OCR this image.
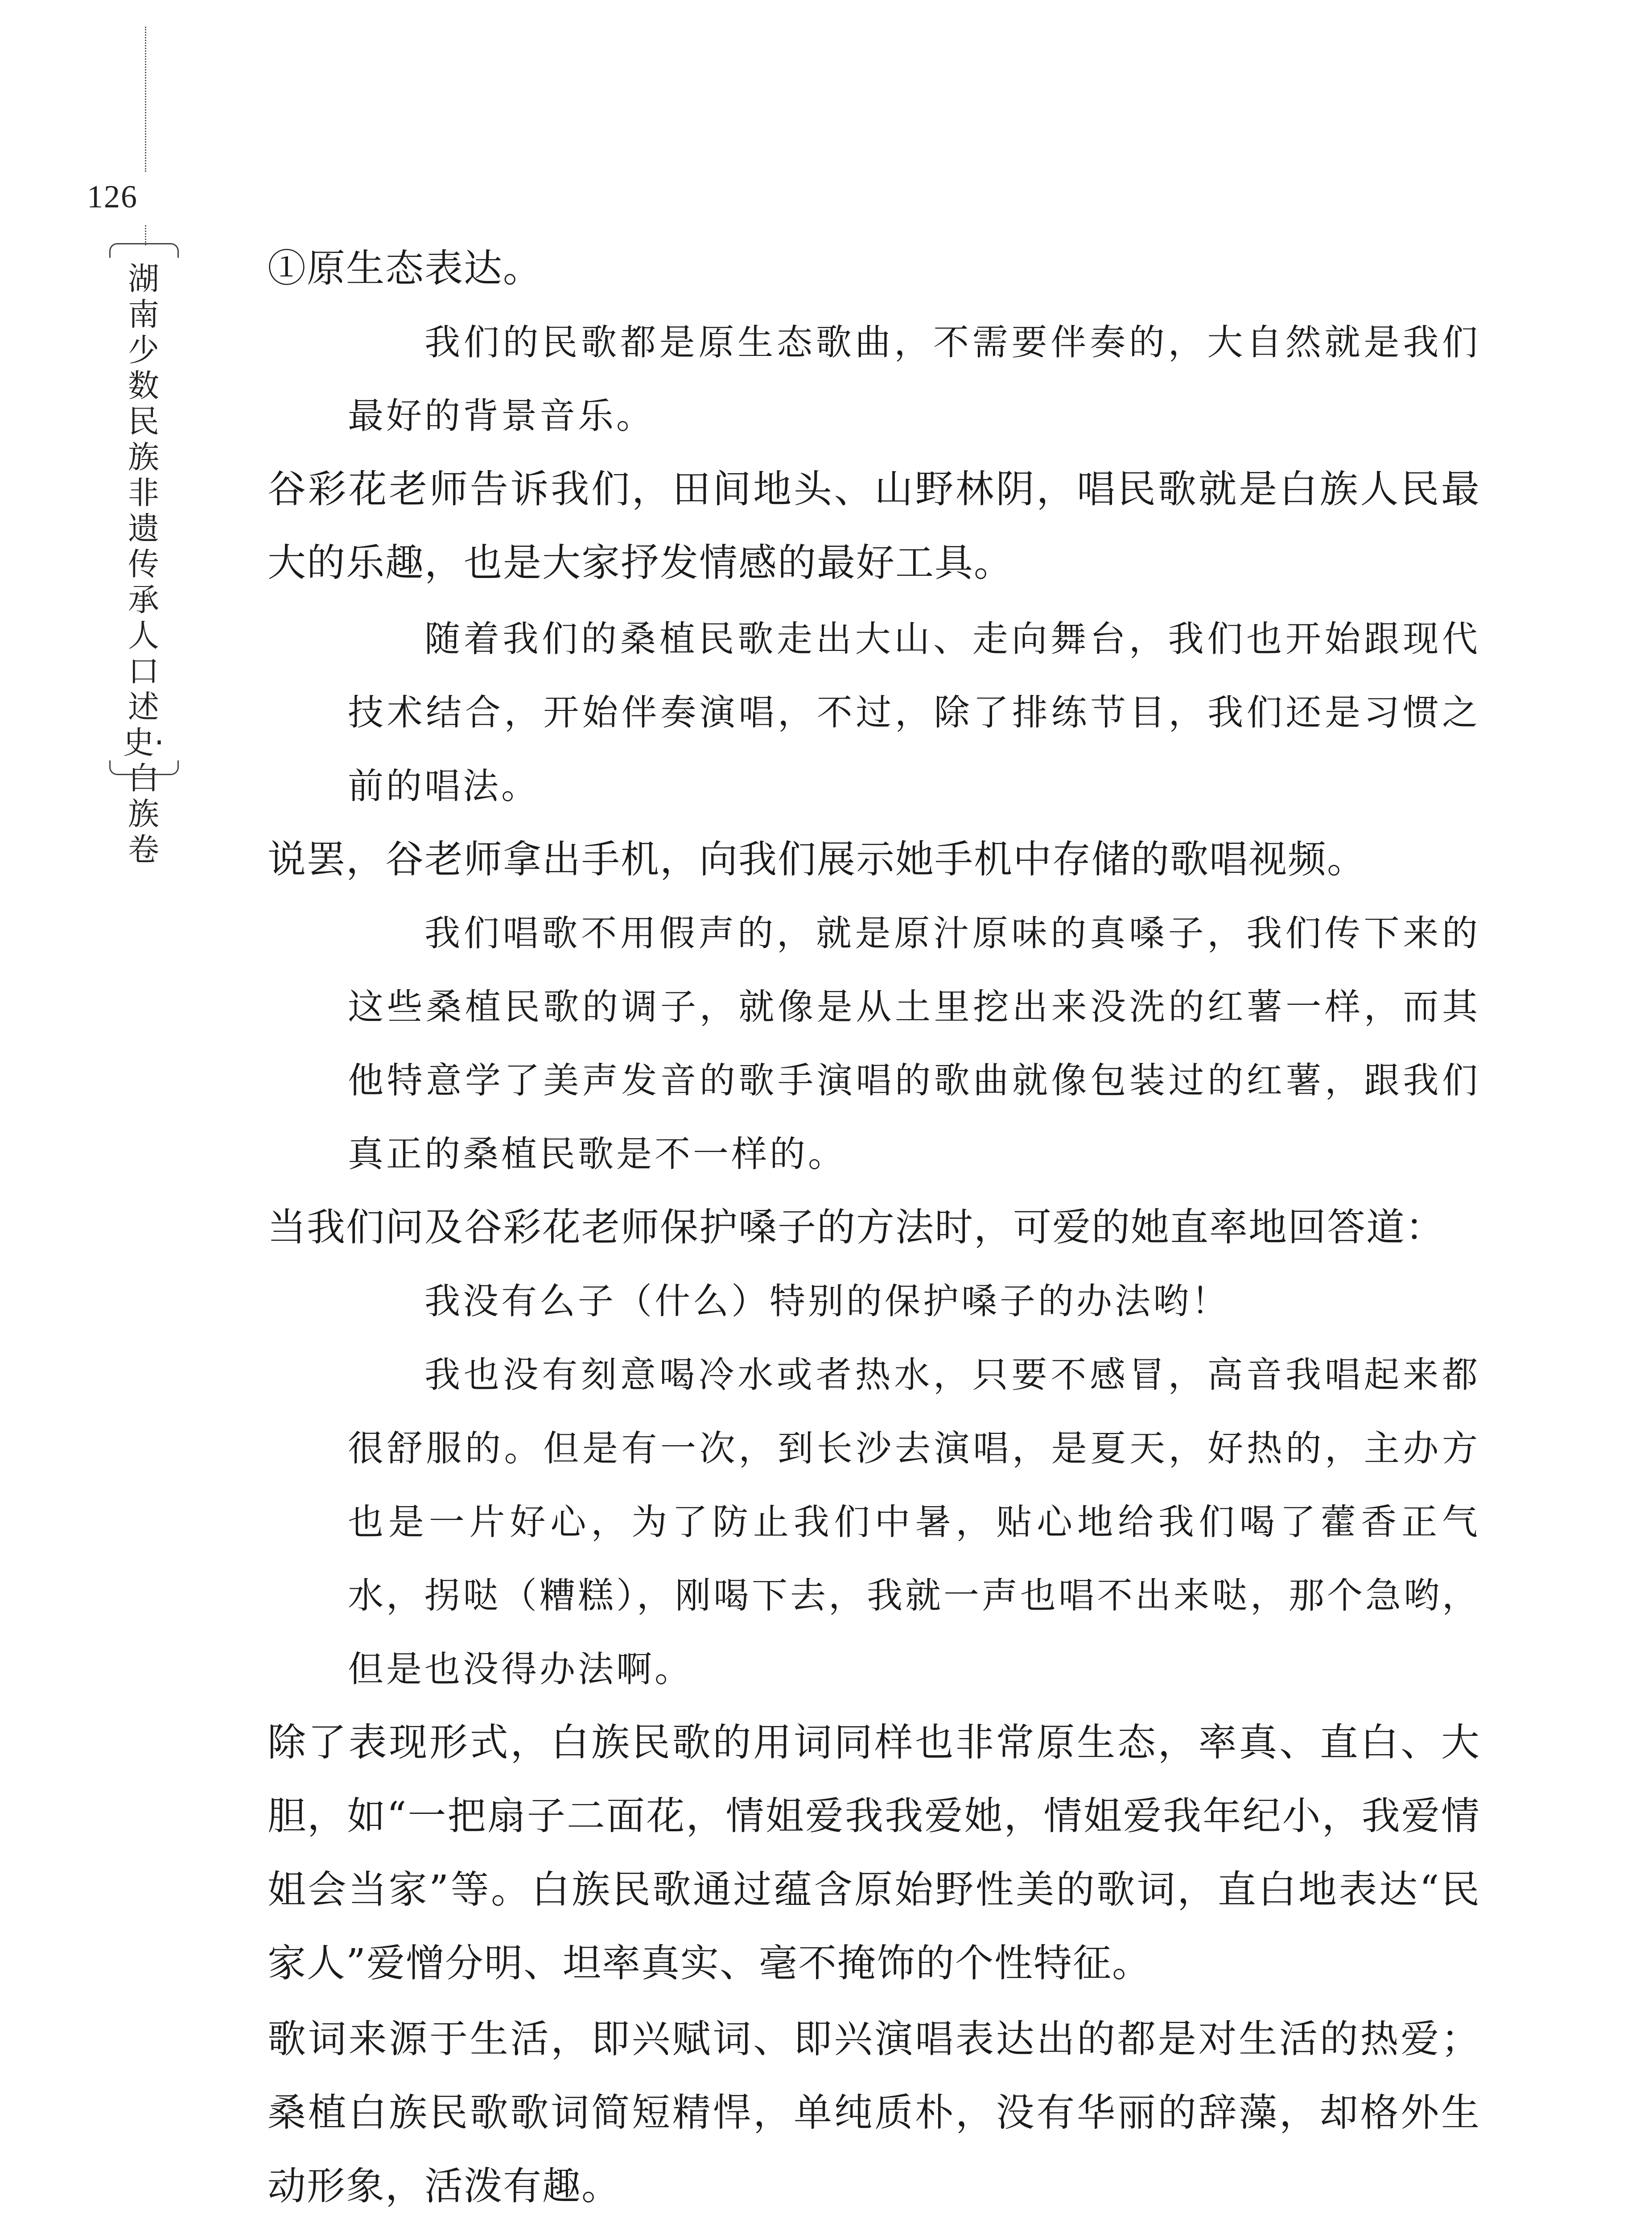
126
湖南少数民族非遗传承人口述史·白族卷
①原生态表达。
我们的民歌都是原生态歌曲，不需要伴奏的，大自然就是我们最好的背景音乐。
谷彩花老师告诉我们，田间地头、山野林阴，唱民歌就是白族人民最大的乐趣，也是大家抒发情感的最好工具。
随着我们的桑植民歌走出大山、走向舞台，我们也开始跟现代技术结合，开始伴奏演唱，不过，除了排练节目，我们还是习惯之前的唱法。
说罢，谷老师拿出手机，向我们展示她手机中存储的歌唱视频。
我们唱歌不用假声的，就是原汁原味的真嗓子，我们传下来的这些桑植民歌的调子，就像是从土里挖出来没洗的红薯一样，而其他特意学了美声发音的歌手演唱的歌曲就像包装过的红薯，跟我们真正的桑植民歌是不一样的。
当我们问及谷彩花老师保护嗓子的方法时，可爱的她直率地回答道：
我没有么子（什么）特别的保护嗓子的办法哟！
我也没有刻意喝冷水或者热水，只要不感冒，高音我唱起来都很舒服的。但是有一次，到长沙去演唱，是夏天，好热的，主办方也是一片好心，为了防止我们中暑，贴心地给我们喝了藿香正气水，拐哒（糟糕），刚喝下去，我就一声也唱不出来哒，那个急哟，但是也没得办法啊。
除了表现形式，白族民歌的用词同样也非常原生态，率真、直白、大胆，如“一把扇子二面花，情姐爱我我爱她，情姐爱我年纪小，我爱情姐会当家”等。白族民歌通过蕴含原始野性美的歌词，直白地表达“民家人”爱憎分明、坦率真实、毫不掩饰的个性特征。
歌词来源于生活，即兴赋词、即兴演唱表达出的都是对生活的热爱；桑植白族民歌歌词简短精悍，单纯质朴，没有华丽的辞藻，却格外生动形象，活泼有趣。
